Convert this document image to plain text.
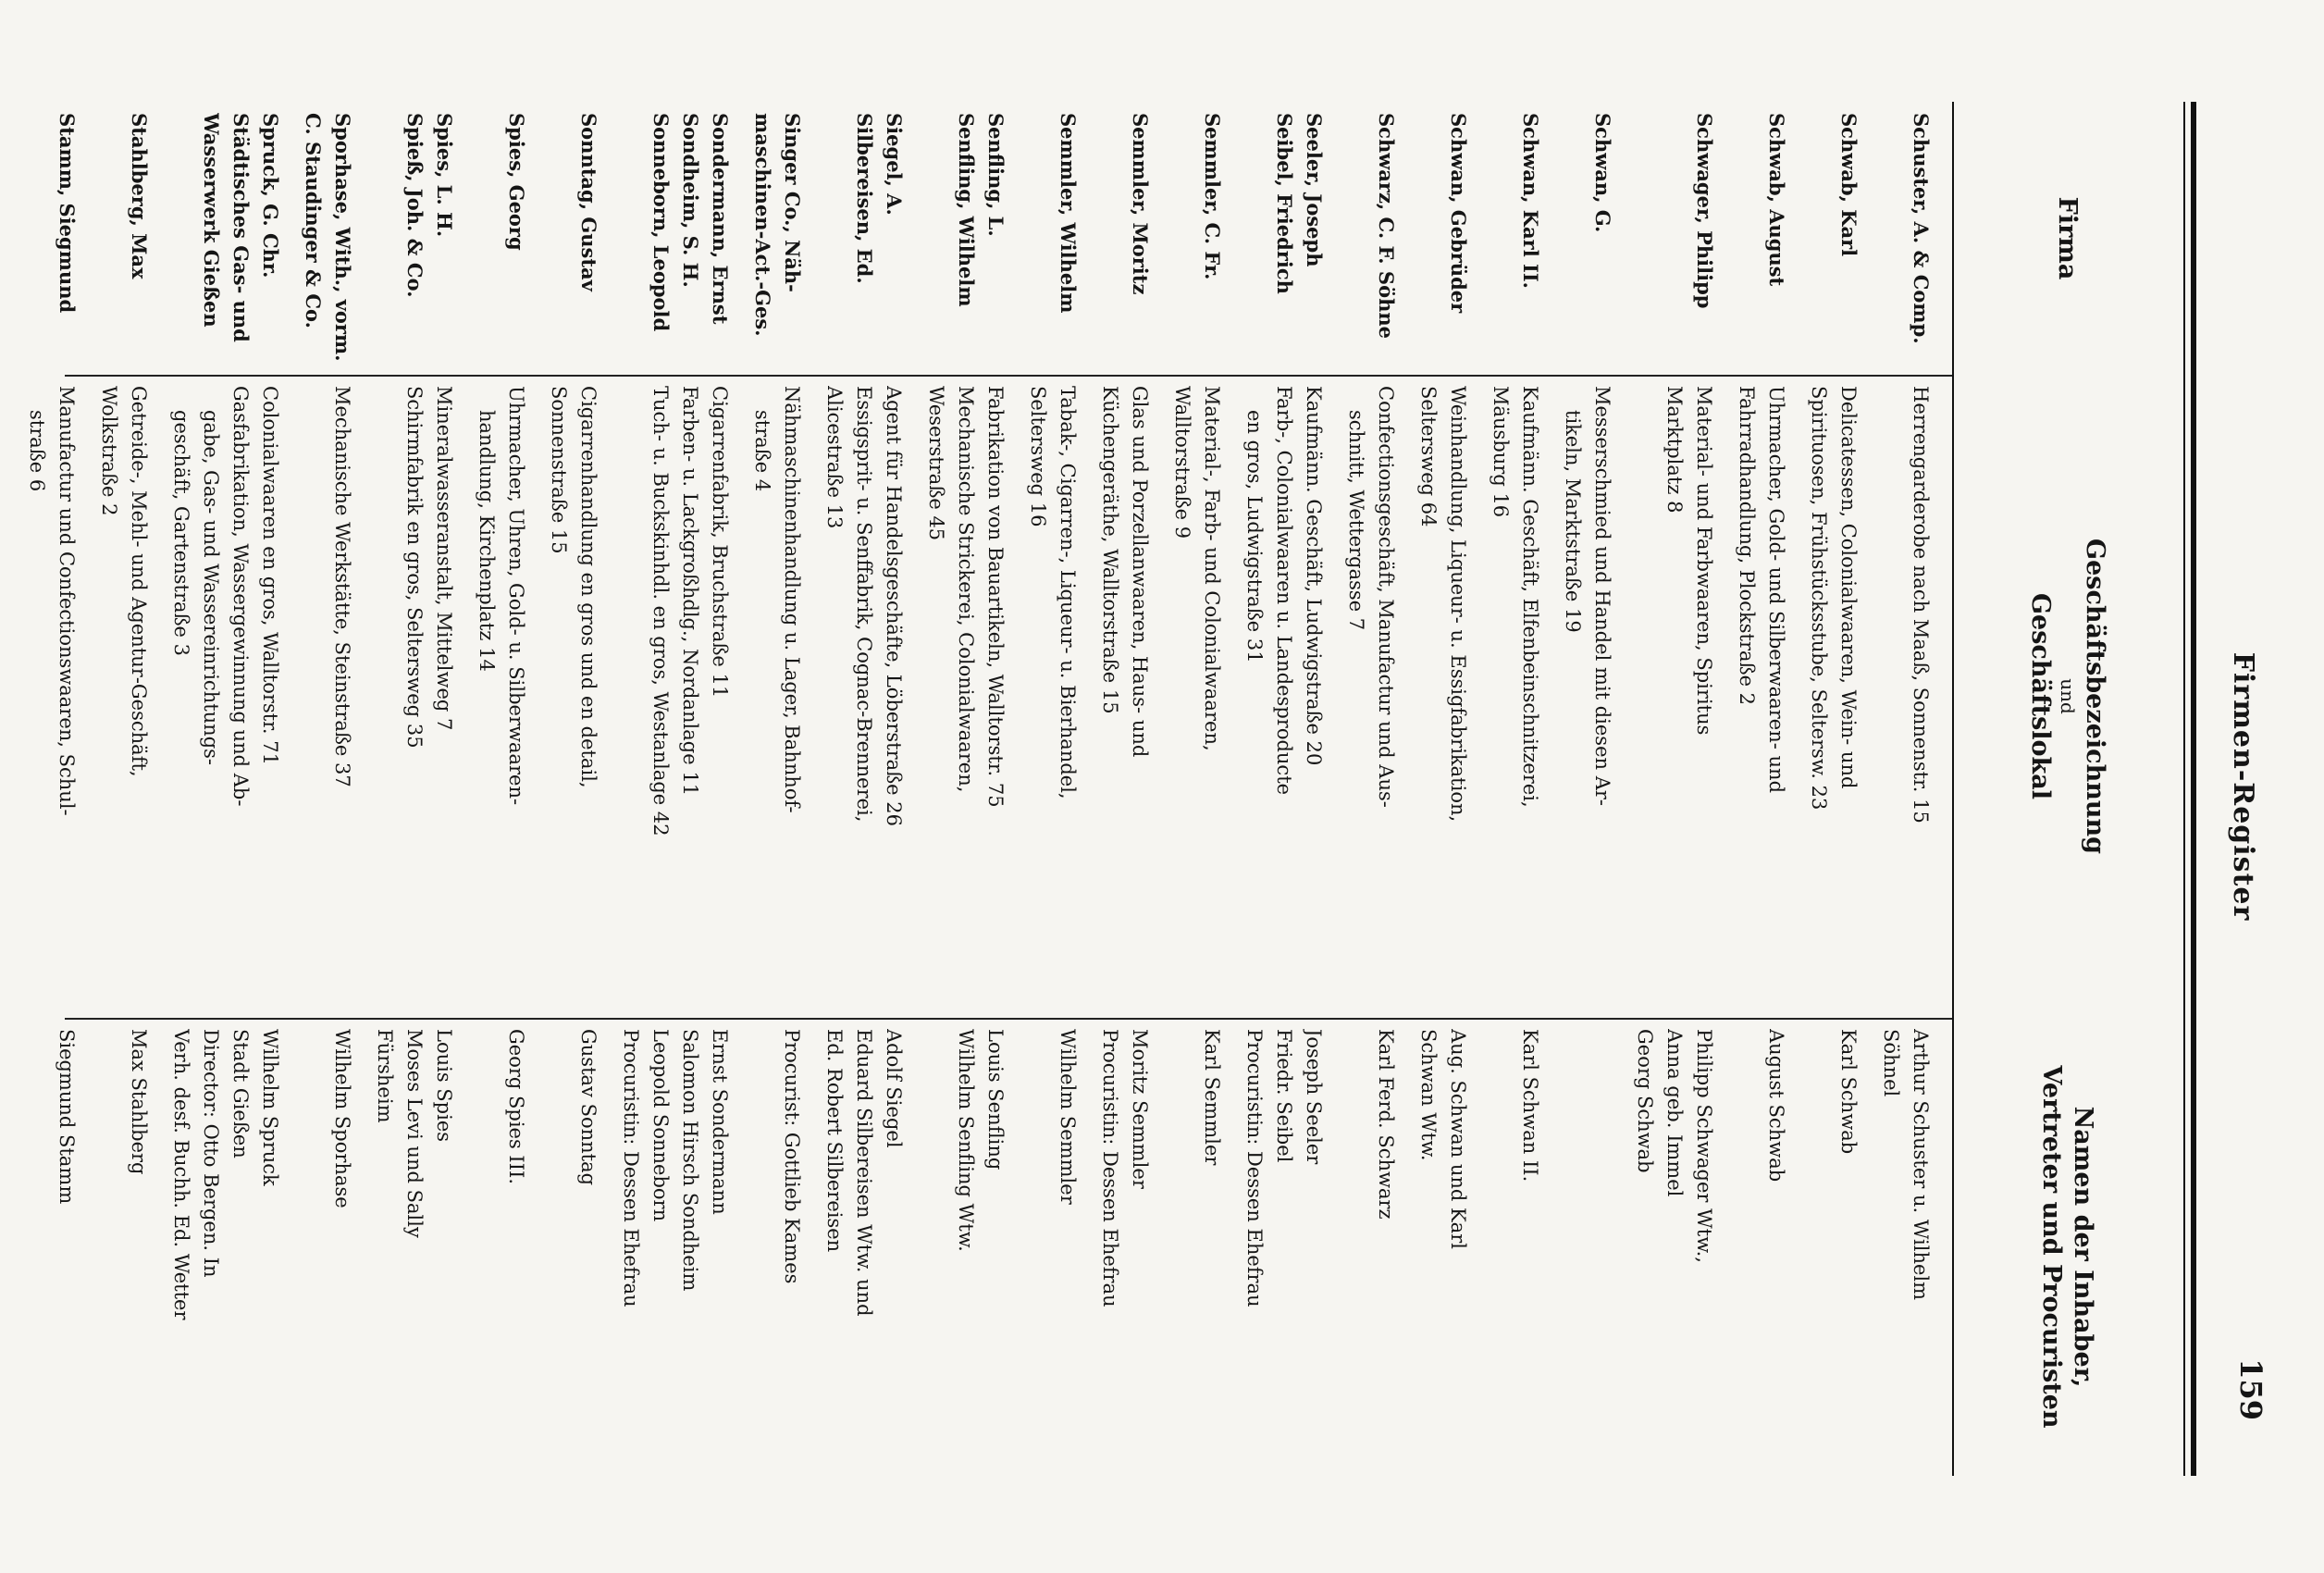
Firmen-Register
159
Firma
Geschäftsbezeichnung
und
Geschäftslokal
Namen der Inhaber,
Vertreter und Procuristen
Schuster, A. & Comp.
Herrengarderobe nach Maaß, Sonnenstr. 15
Arthur Schuster u. Wilhelm
Söhnel
Schwab, Karl
Delicatessen, Colonialwaaren, Wein- und
Spirituosen, Frühstücksstube, Seltersw. 23
Karl Schwab
Schwab, August
Uhrmacher, Gold- und Silberwaaren- und
Fahrradhandlung, Plockstraße 2
August Schwab
Schwager, Philipp
Material- und Farbwaaren, Spiritus
Marktplatz 8
Philipp Schwager Wtw.,
Anna geb. Immel
Georg Schwab
Schwan, G.
Messerschmied und Handel mit diesen Ar-
tikeln, Marktstraße 19
Schwan, Karl II.
Kaufmänn. Geschäft, Elfenbeinschnitzerei,
Mäusburg 16
Karl Schwan II.
Schwan, Gebrüder
Weinhandlung, Liqueur- u. Essigfabrikation,
Seltersweg 64
Aug. Schwan und Karl
Schwan Wtw.
Schwarz, C. F. Söhne
Confectionsgeschäft, Manufactur und Aus-
schnitt, Wettergasse 7
Karl Ferd. Schwarz
Seeler, Joseph
Seibel, Friedrich
Kaufmänn. Geschäft, Ludwigstraße 20
Farb-, Colonialwaaren u. Landesproducte
en gros, Ludwigstraße 31
Joseph Seeler
Friedr. Seibel
Procuristin: Dessen Ehefrau
Semmler, C. Fr.
Material-, Farb- und Colonialwaaren,
Walltorstraße 9
Karl Semmler
Semmler, Moritz
Glas und Porzellanwaaren, Haus- und
Küchengeräthe, Walltorstraße 15
Moritz Semmler
Procuristin: Dessen Ehefrau
Semmler, Wilhelm
Tabak-, Cigarren-, Liqueur- u. Bierhandel,
Seltersweg 16
Wilhelm Semmler
Senfling, L.
Senfling, Wilhelm
Fabrikation von Bauartikeln, Walltorstr. 75
Mechanische Strickerei, Colonialwaaren,
Weserstraße 45
Louis Senfling
Wilhelm Senfling Wtw.
Siegel, A.
Silbereisen, Ed.
Agent für Handelsgeschäfte, Löberstraße 26
Essigsprit- u. Senffabrik, Cognac-Brennerei,
Alicestraße 13
Adolf Siegel
Eduard Silbereisen Wtw. und
Ed. Robert Silbereisen
Singer Co., Näh-
maschinen-Act.-Ges.
Nähmaschinenhandlung u. Lager, Bahnhof-
straße 4
Procurist: Gottlieb Kames
Sondermann, Ernst
Sondheim, S. H.
Sonneborn, Leopold
Cigarrenfabrik, Bruchstraße 11
Farben- u. Lackgroßhdlg., Nordanlage 11
Tuch- u. Buckskinhdl. en gros, Westanlage 42
Ernst Sondermann
Salomon Hirsch Sondheim
Leopold Sonneborn
Procuristin: Dessen Ehefrau
Sonntag, Gustav
Cigarrenhandlung en gros und en detail,
Sonnenstraße 15
Gustav Sonntag
Spies, Georg
Uhrmacher, Uhren, Gold- u. Silberwaaren-
handlung, Kirchenplatz 14
Georg Spies III.
Spies, L. H.
Spieß, Joh. & Co.
Mineralwasseranstalt, Mittelweg 7
Schirmfabrik en gros, Seltersweg 35
Louis Spies
Moses Levi und Sally
Fürsheim
Sporhase, With., vorm.
C. Staudinger & Co.
Mechanische Werkstätte, Steinstraße 37
Wilhelm Sporhase
Spruck, G. Chr.
Städtisches Gas- und
Wasserwerk Gießen
Colonialwaaren en gros, Walltorstr. 71
Gasfabrikation, Wassergewinnung und Ab-
gabe, Gas- und Wassereinrichtungs-
geschäft, Gartenstraße 3
Wilhelm Spruck
Stadt Gießen
Director: Otto Bergen. In
Verh. desf. Buchh. Ed. Wetter
Stahlberg, Max
Getreide-, Mehl- und Agentur-Geschäft,
Wolkstraße 2
Max Stahlberg
Stamm, Siegmund
Manufactur und Confectionswaaren, Schul-
straße 6
Siegmund Stamm
